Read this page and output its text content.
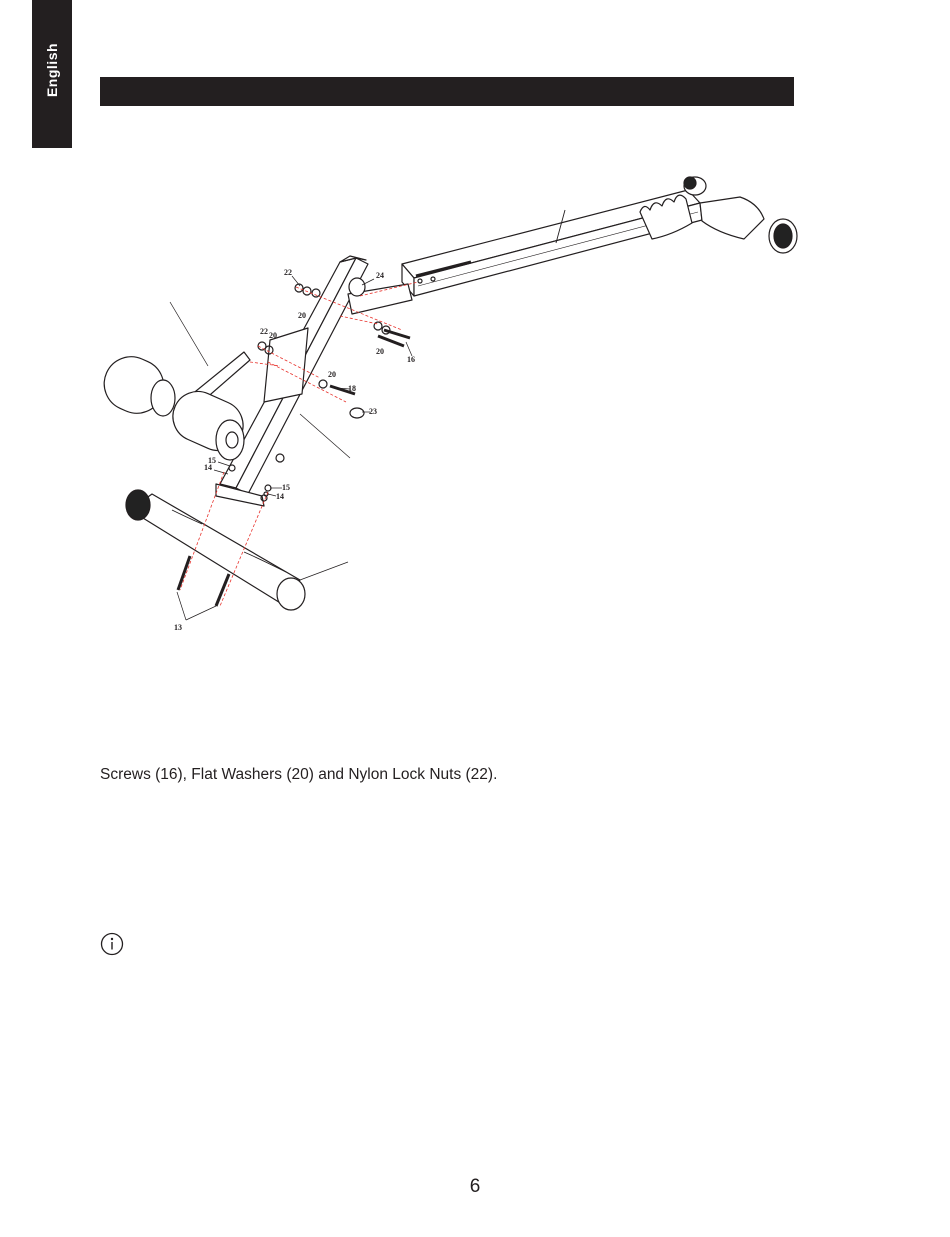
English
22
20
24
22 20
20
16
20
18
23
15
14
15
14
13
Screws (16), Flat Washers (20) and Nylon Lock Nuts (22).
6
